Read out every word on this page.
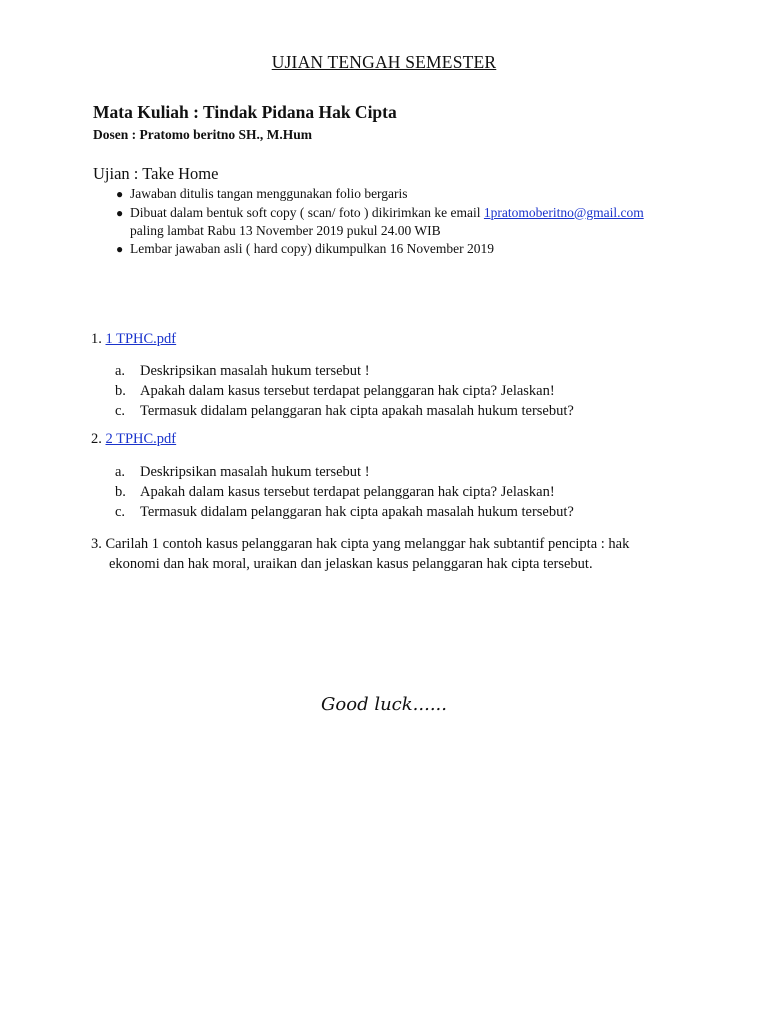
UJIAN TENGAH SEMESTER
Mata Kuliah : Tindak Pidana Hak Cipta
Dosen : Pratomo beritno SH., M.Hum
Ujian : Take Home
● Jawaban ditulis tangan menggunakan folio bergaris
● Dibuat dalam bentuk soft copy ( scan/ foto ) dikirimkan ke email 1pratomoberitno@gmail.com
paling lambat Rabu 13 November 2019 pukul 24.00 WIB
● Lembar jawaban asli ( hard copy) dikumpulkan 16 November 2019
1. 1 TPHC.pdf
a. Deskripsikan masalah hukum tersebut !
b. Apakah dalam kasus tersebut terdapat pelanggaran hak cipta? Jelaskan!
c. Termasuk didalam pelanggaran hak cipta apakah masalah hukum tersebut?
2. 2 TPHC.pdf
a. Deskripsikan masalah hukum tersebut !
b. Apakah dalam kasus tersebut terdapat pelanggaran hak cipta? Jelaskan!
c. Termasuk didalam pelanggaran hak cipta apakah masalah hukum tersebut?
3. Carilah 1 contoh kasus pelanggaran hak cipta yang melanggar hak subtantif pencipta : hak
ekonomi dan hak moral, uraikan dan jelaskan kasus pelanggaran hak cipta tersebut.
Good luck......
